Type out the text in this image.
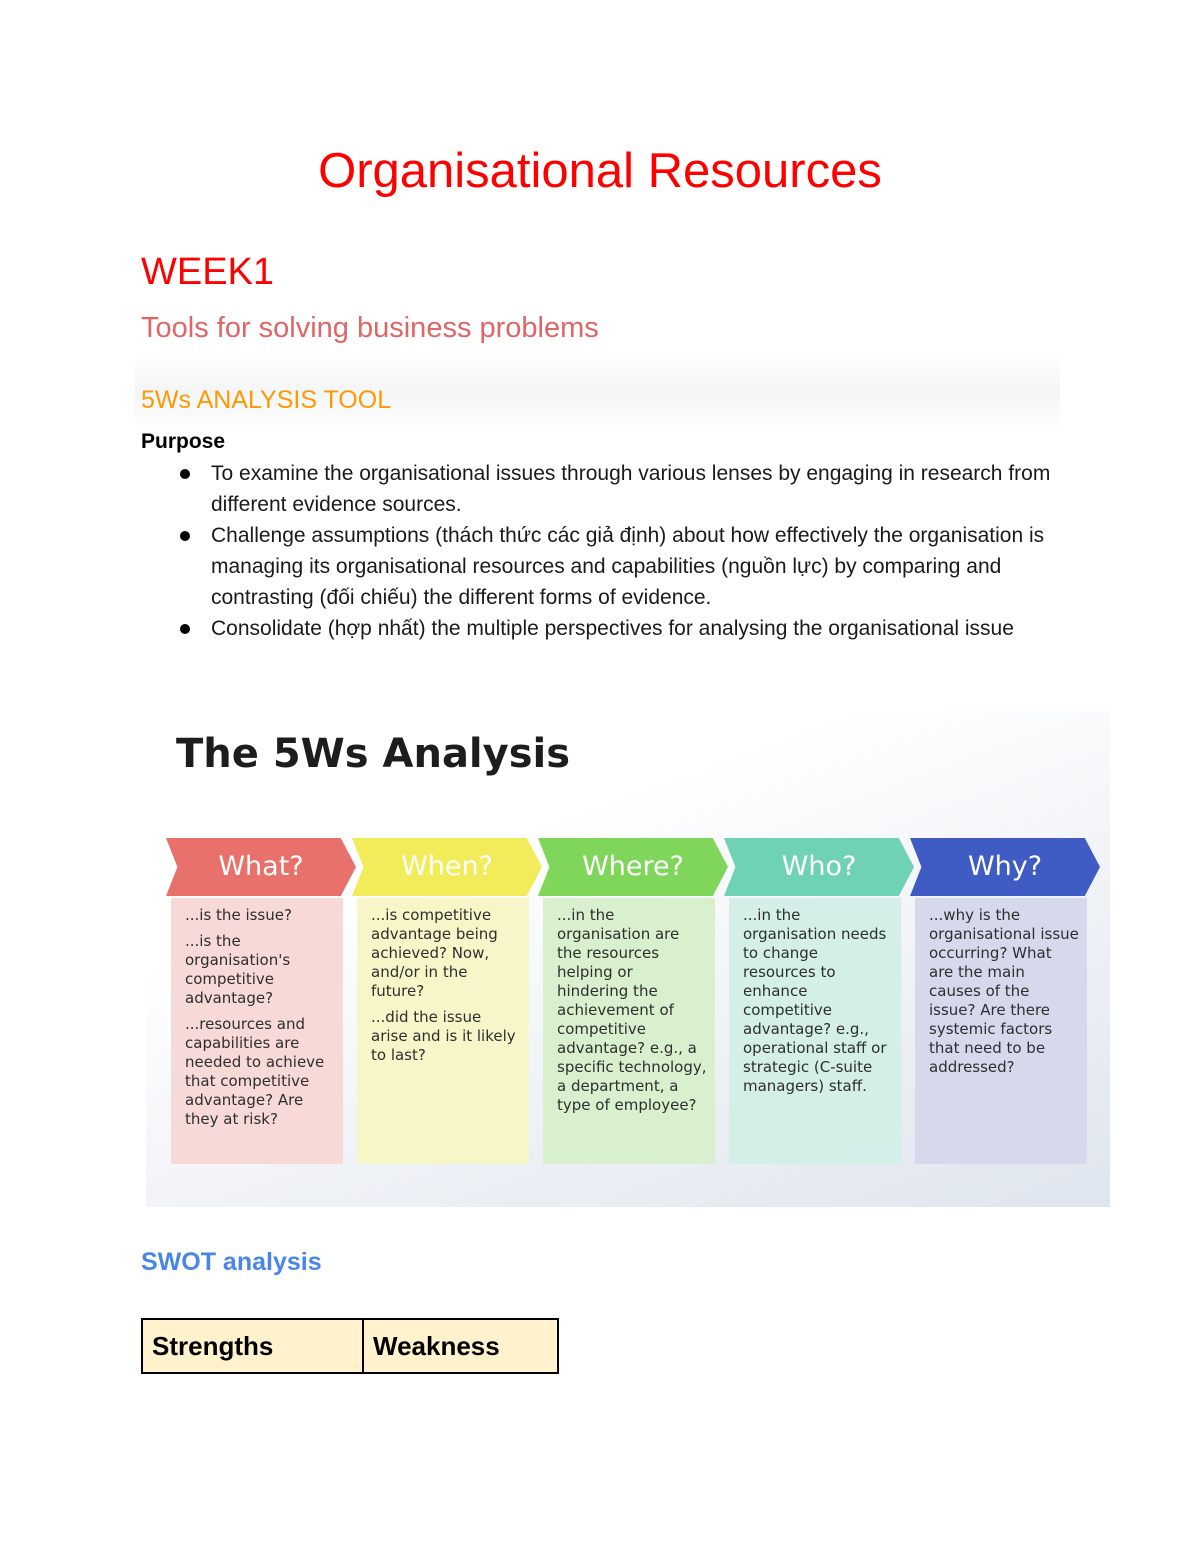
Organisational Resources
WEEK1
Tools for solving business problems
5Ws ANALYSIS TOOL

Purpose

To examine the organisational issues through various lenses by engaging in research from different evidence sources.
Challenge assumptions (thách thức các giả định) about how effectively the organisation is managing its organisational resources and capabilities (nguồn lực) by comparing and contrasting (đối chiếu) the different forms of evidence.
Consolidate (hợp nhất) the multiple perspectives for analysing the organisational issue
The 5Ws Analysis
What?

...is the issue?

...is the organisation's competitive advantage?

...resources and capabilities are needed to achieve that competitive advantage? Are they at risk?

When?

...is competitive advantage being achieved? Now, and/or in the future?

...did the issue arise and is it likely to last?

Where?

...in the organisation are the resources helping or hindering the achievement of competitive advantage? e.g., a specific technology, a department, a type of employee?

Who?

...in the organisation needs to change resources to enhance competitive advantage? e.g., operational staff or strategic (C-suite managers) staff.

Why?

...why is the organisational issue occurring? What are the main causes of the issue? Are there systemic factors that need to be addressed?

SWOT analysis
Strengths	Weakness
